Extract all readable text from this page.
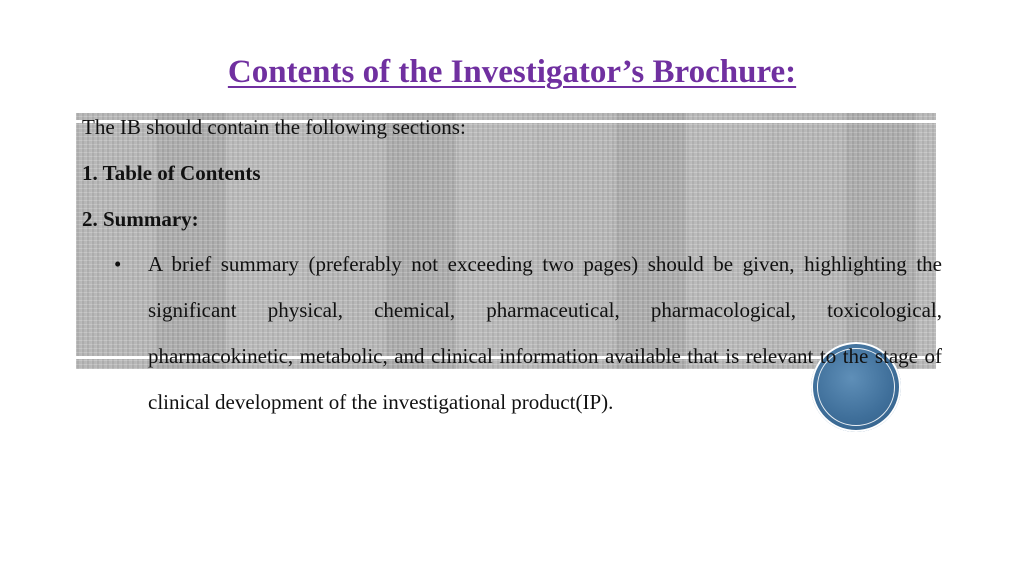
Contents of the Investigator’s Brochure:
The IB should contain the following sections:
1. Table of Contents
2. Summary:
• A brief summary (preferably not exceeding two pages) should be given, highlighting the significant physical, chemical, pharmaceutical, pharmacological, toxicological, pharmacokinetic, metabolic, and clinical information available that is relevant to the stage of clinical development of the investigational product(IP).
